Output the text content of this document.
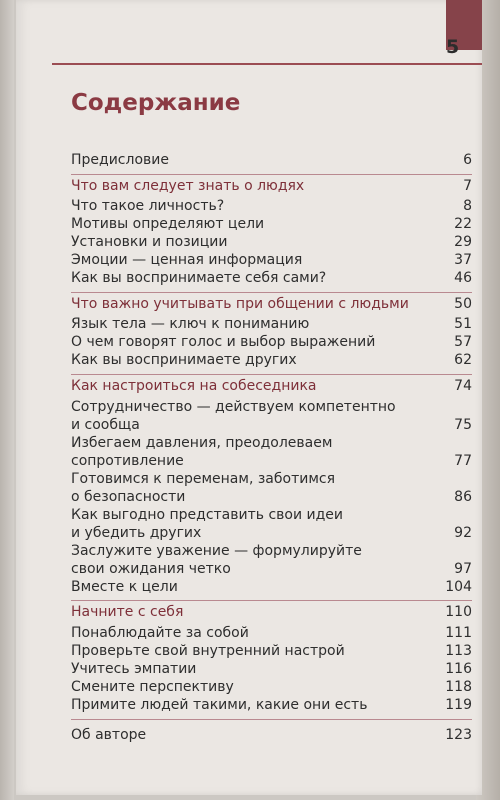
5
Содержание
Предисловие	6
Что вам следует знать о людях	7
Что такое личность?	8
Мотивы определяют цели	22
Установки и позиции	29
Эмоции — ценная информация	37
Как вы воспринимаете себя сами?	46
Что важно учитывать при общении с людьми	50
Язык тела — ключ к пониманию	51
О чем говорят голос и выбор выражений	57
Как вы воспринимаете других	62
Как настроиться на собеседника	74
Сотрудничество — действуем компетентно
и сообща	75
Избегаем давления, преодолеваем
сопротивление	77
Готовимся к переменам, заботимся
о безопасности	86
Как выгодно представить свои идеи
и убедить других	92
Заслужите уважение — формулируйте
свои ожидания четко	97
Вместе к цели	104
Начните с себя	110
Понаблюдайте за собой	111
Проверьте свой внутренний настрой	113
Учитесь эмпатии	116
Смените перспективу	118
Примите людей такими, какие они есть	119
Об авторе	123
